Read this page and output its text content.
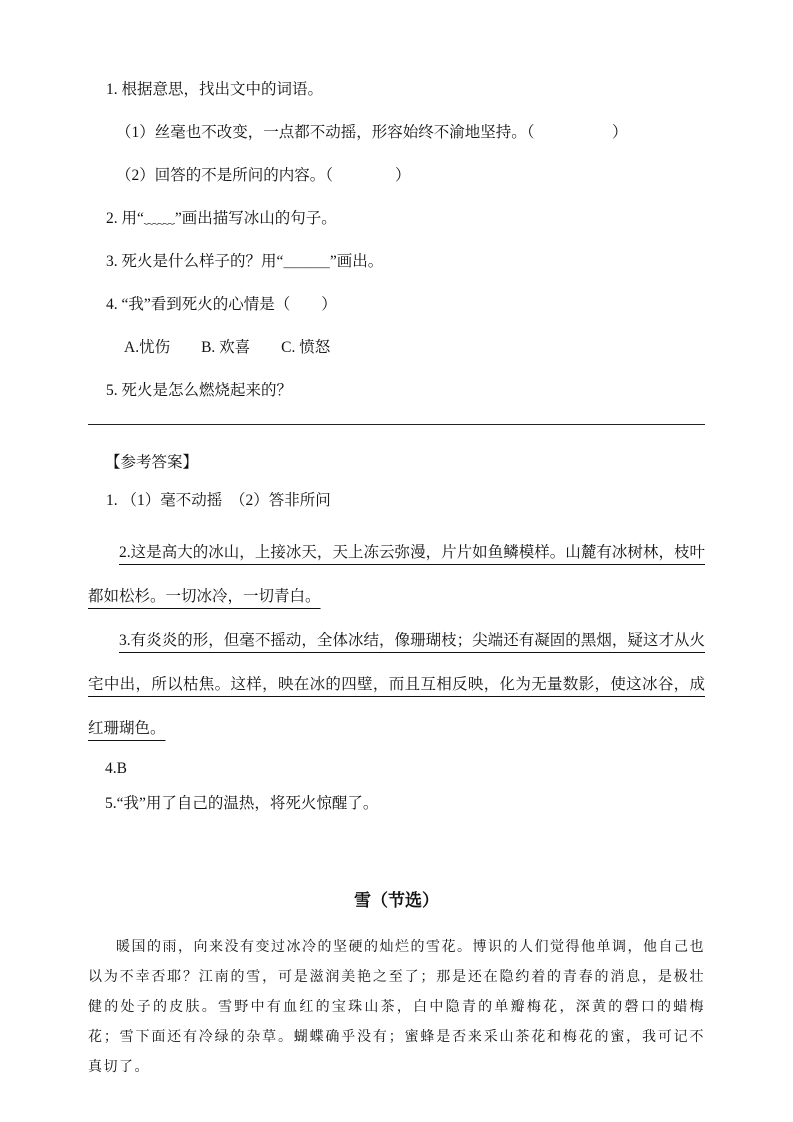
1. 根据意思，找出文中的词语。

（1）丝毫也不改变，一点都不动摇，形容始终不渝地坚持。（　　　　　）

（2）回答的不是所问的内容。（　　　　）

2. 用“﹏﹏”画出描写冰山的句子。

3. 死火是什么样子的？用“＿＿＿”画出。

4. “我”看到死火的心情是（　　）

A.忧伤　　B. 欢喜　　C. 愤怒

5. 死火是怎么燃烧起来的？

【参考答案】

1. （1）毫不动摇　（2）答非所问

2.这是高大的冰山，上接冰天，天上冻云弥漫，片片如鱼鳞模样。山麓有冰树林，枝叶都如松杉。一切冰冷，一切青白。

3.有炎炎的形，但毫不摇动，全体冰结，像珊瑚枝；尖端还有凝固的黑烟，疑这才从火宅中出，所以枯焦。这样，映在冰的四壁，而且互相反映，化为无量数影，使这冰谷，成红珊瑚色。

4.B

5.“我”用了自己的温热，将死火惊醒了。

雪（节选）

暖国的雨，向来没有变过冰冷的坚硬的灿烂的雪花。博识的人们觉得他单调，他自己也以为不幸否耶？江南的雪，可是滋润美艳之至了；那是还在隐约着的青春的消息，是极壮健的处子的皮肤。雪野中有血红的宝珠山茶，白中隐青的单瓣梅花，深黄的磬口的蜡梅花；雪下面还有冷绿的杂草。蝴蝶确乎没有；蜜蜂是否来采山茶花和梅花的蜜，我可记不真切了。
